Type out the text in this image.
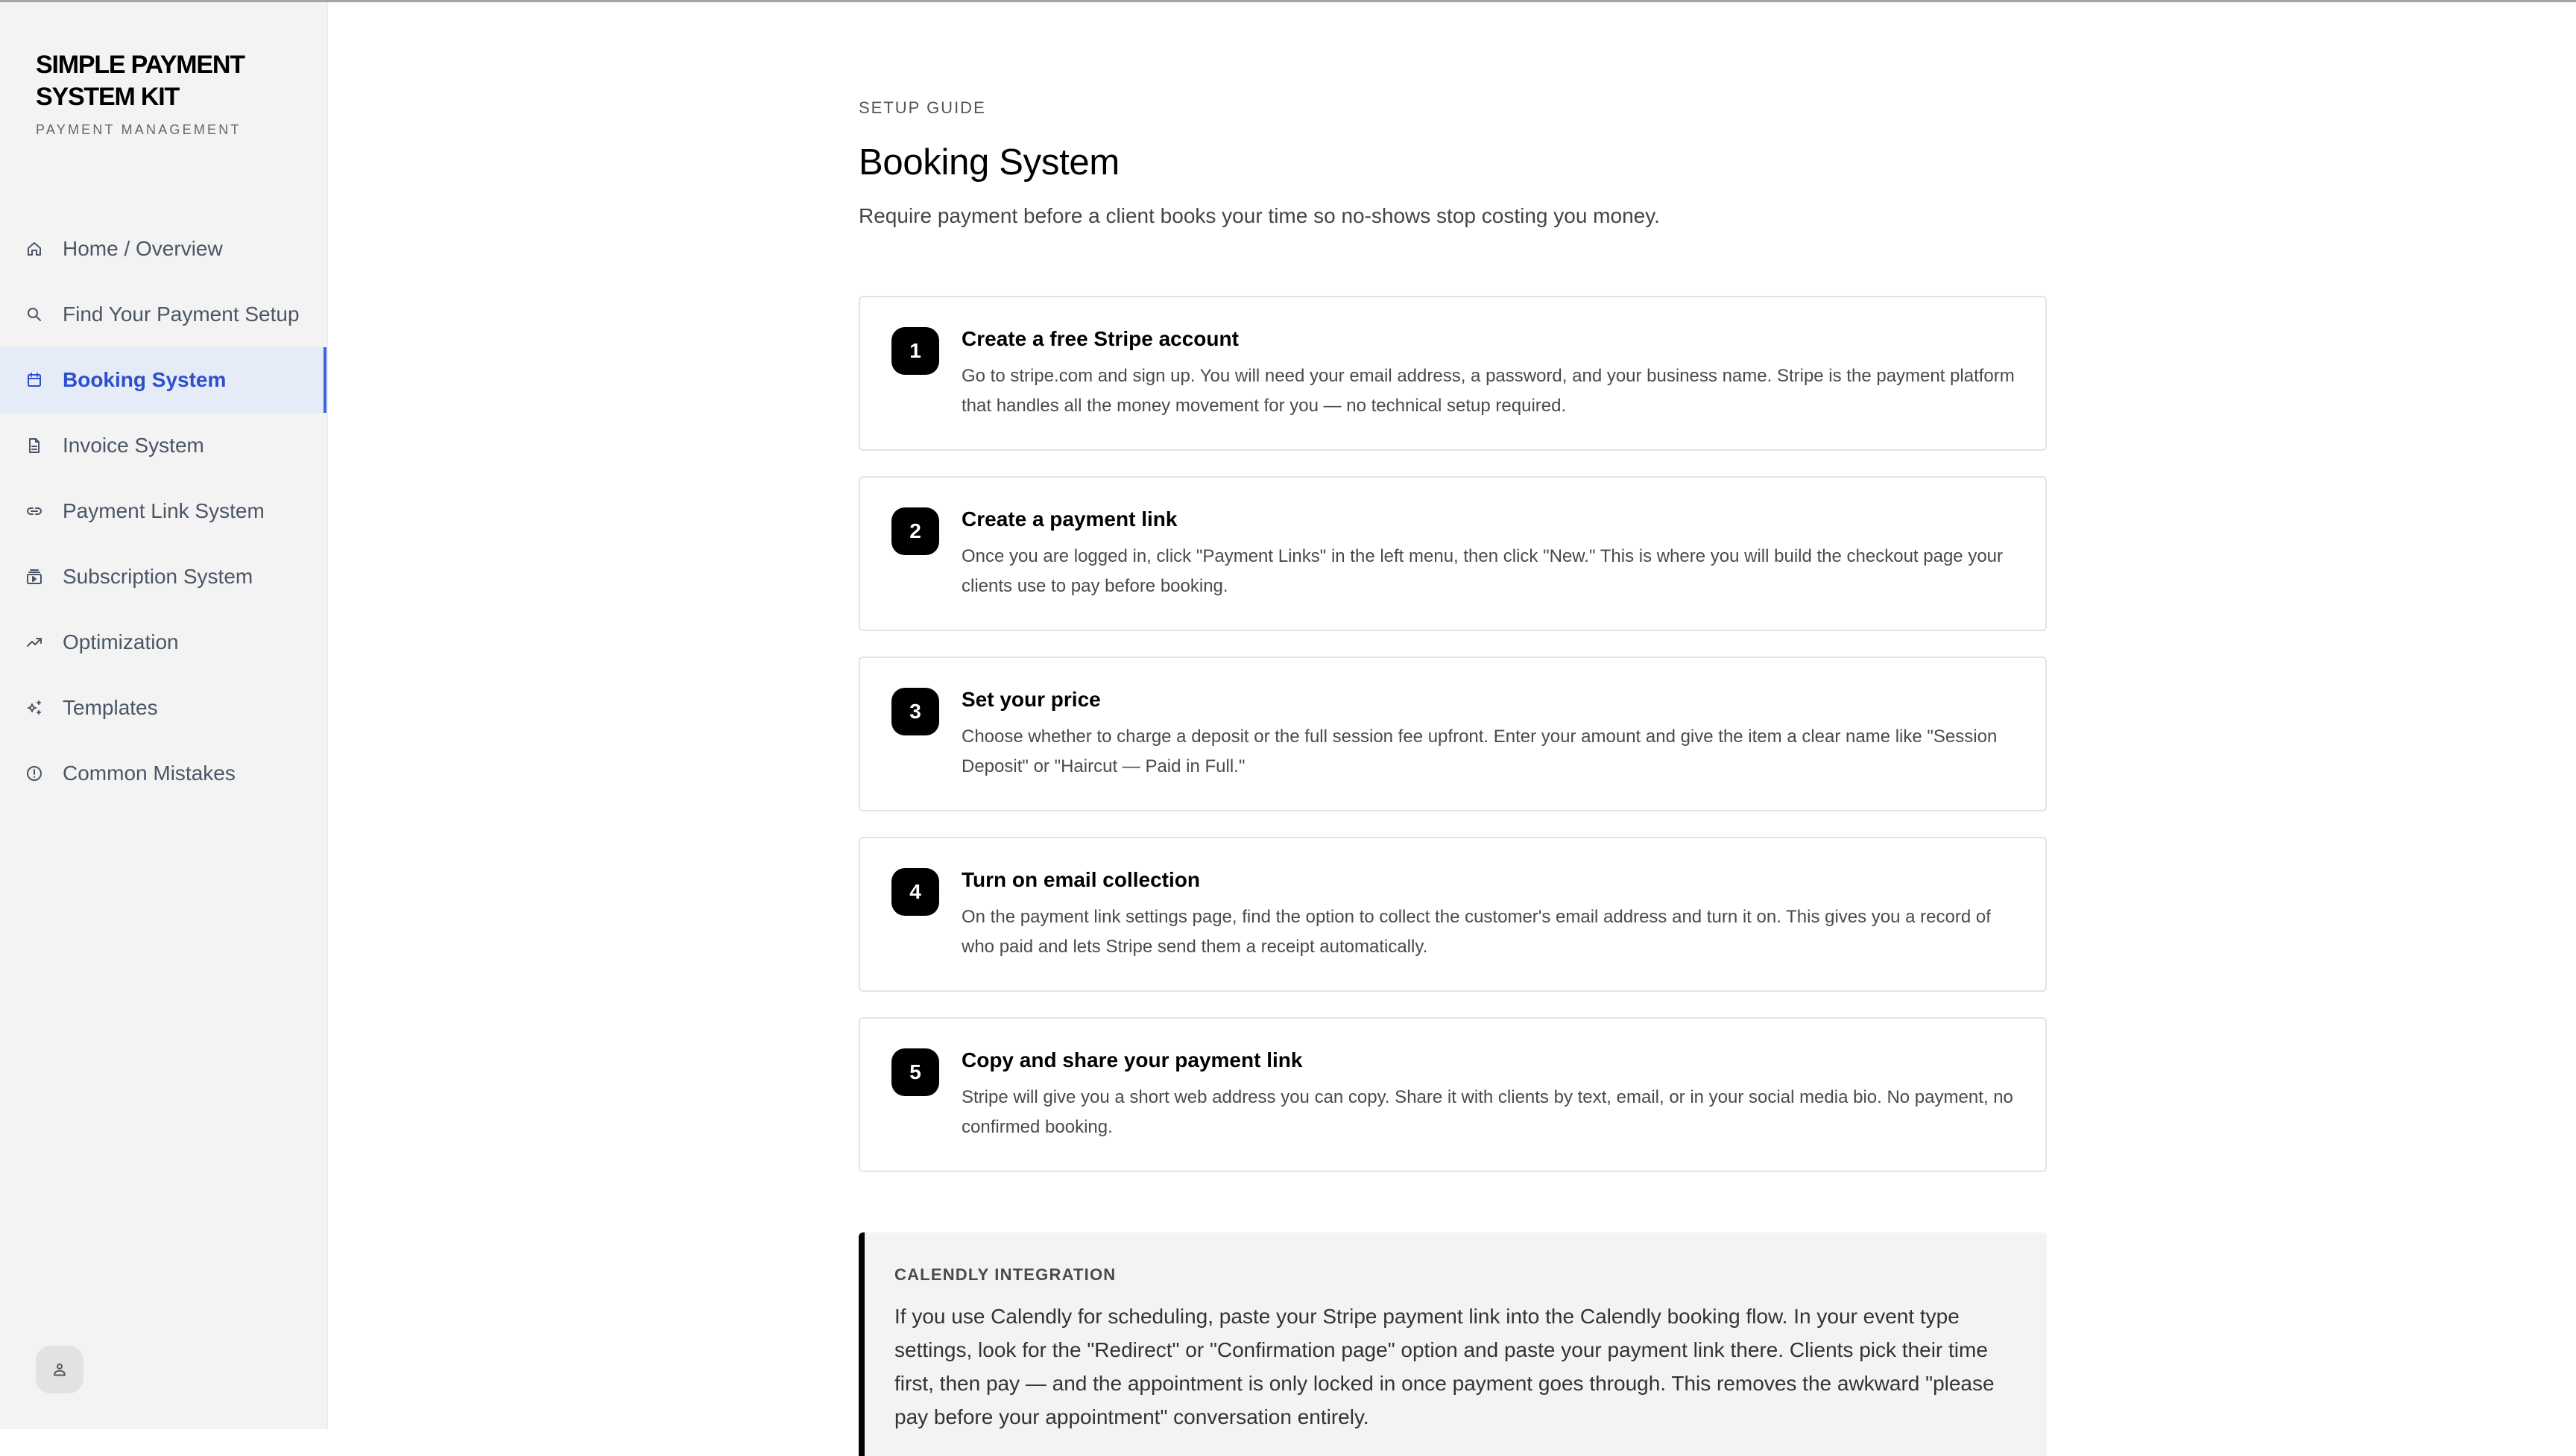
SIMPLE PAYMENT SYSTEM KIT
PAYMENT MANAGEMENT
Home / Overview
Find Your Payment Setup
Booking System
Invoice System
Payment Link System
Subscription System
Optimization
Templates
Common Mistakes
SETUP GUIDE
Booking System

Require payment before a client books your time so no-shows stop costing you money.

1
Create a free Stripe account
Go to stripe.com and sign up. You will need your email address, a password, and your business name. Stripe is the payment platform that handles all the money movement for you — no technical setup required.
2
Create a payment link
Once you are logged in, click "Payment Links" in the left menu, then click "New." This is where you will build the checkout page your clients use to pay before booking.
3
Set your price
Choose whether to charge a deposit or the full session fee upfront. Enter your amount and give the item a clear name like "Session Deposit" or "Haircut — Paid in Full."
4
Turn on email collection
On the payment link settings page, find the option to collect the customer's email address and turn it on. This gives you a record of who paid and lets Stripe send them a receipt automatically.
5
Copy and share your payment link
Stripe will give you a short web address you can copy. Share it with clients by text, email, or in your social media bio. No payment, no confirmed booking.
CALENDLY INTEGRATION
If you use Calendly for scheduling, paste your Stripe payment link into the Calendly booking flow. In your event type settings, look for the "Redirect" or "Confirmation page" option and paste your payment link there. Clients pick their time first, then pay — and the appointment is only locked in once payment goes through. This removes the awkward "please pay before your appointment" conversation entirely.
